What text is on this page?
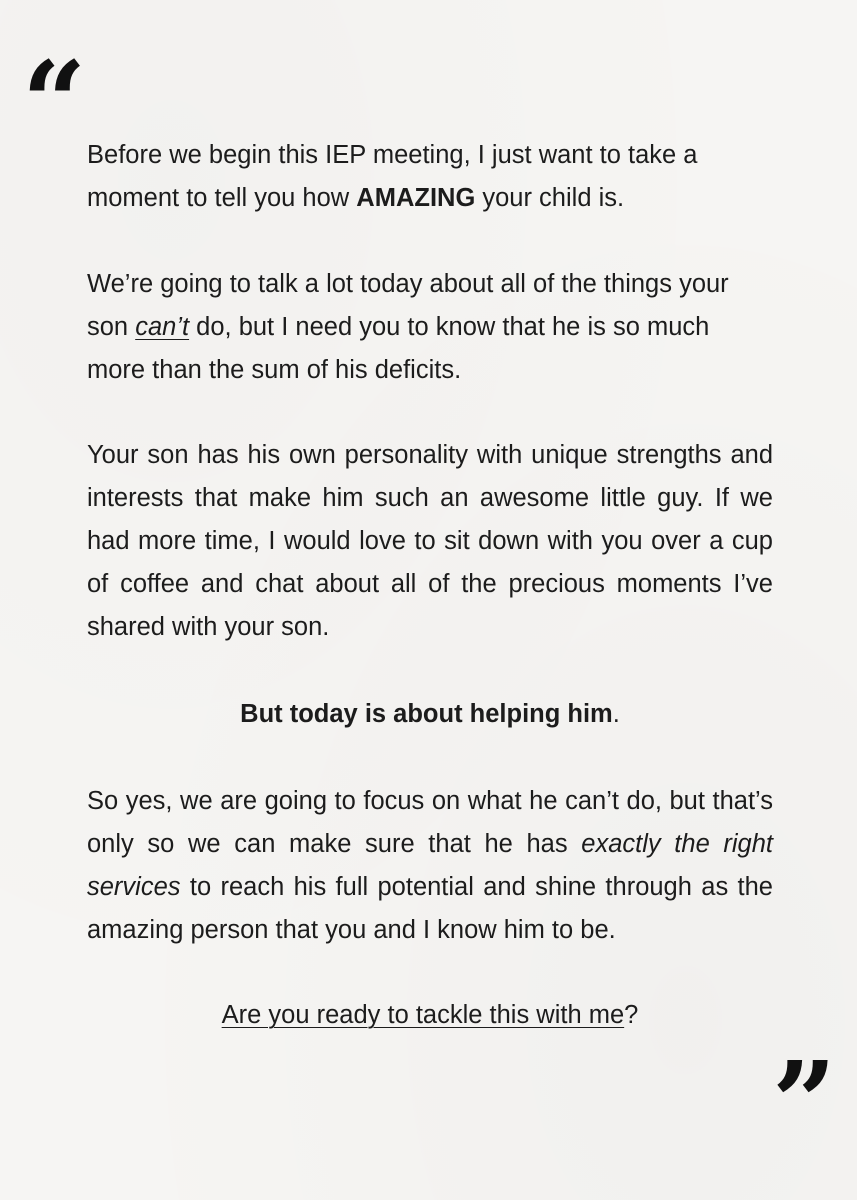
“ Before we begin this IEP meeting, I just want to take a moment to tell you how AMAZING your child is.

We’re going to talk a lot today about all of the things your son can’t do, but I need you to know that he is so much more than the sum of his deficits.

Your son has his own personality with unique strengths and interests that make him such an awesome little guy. If we had more time, I would love to sit down with you over a cup of coffee and chat about all of the precious moments I’ve shared with your son.

But today is about helping him.

So yes, we are going to focus on what he can’t do, but that’s only so we can make sure that he has exactly the right services to reach his full potential and shine through as the amazing person that you and I know him to be.

Are you ready to tackle this with me?

”
